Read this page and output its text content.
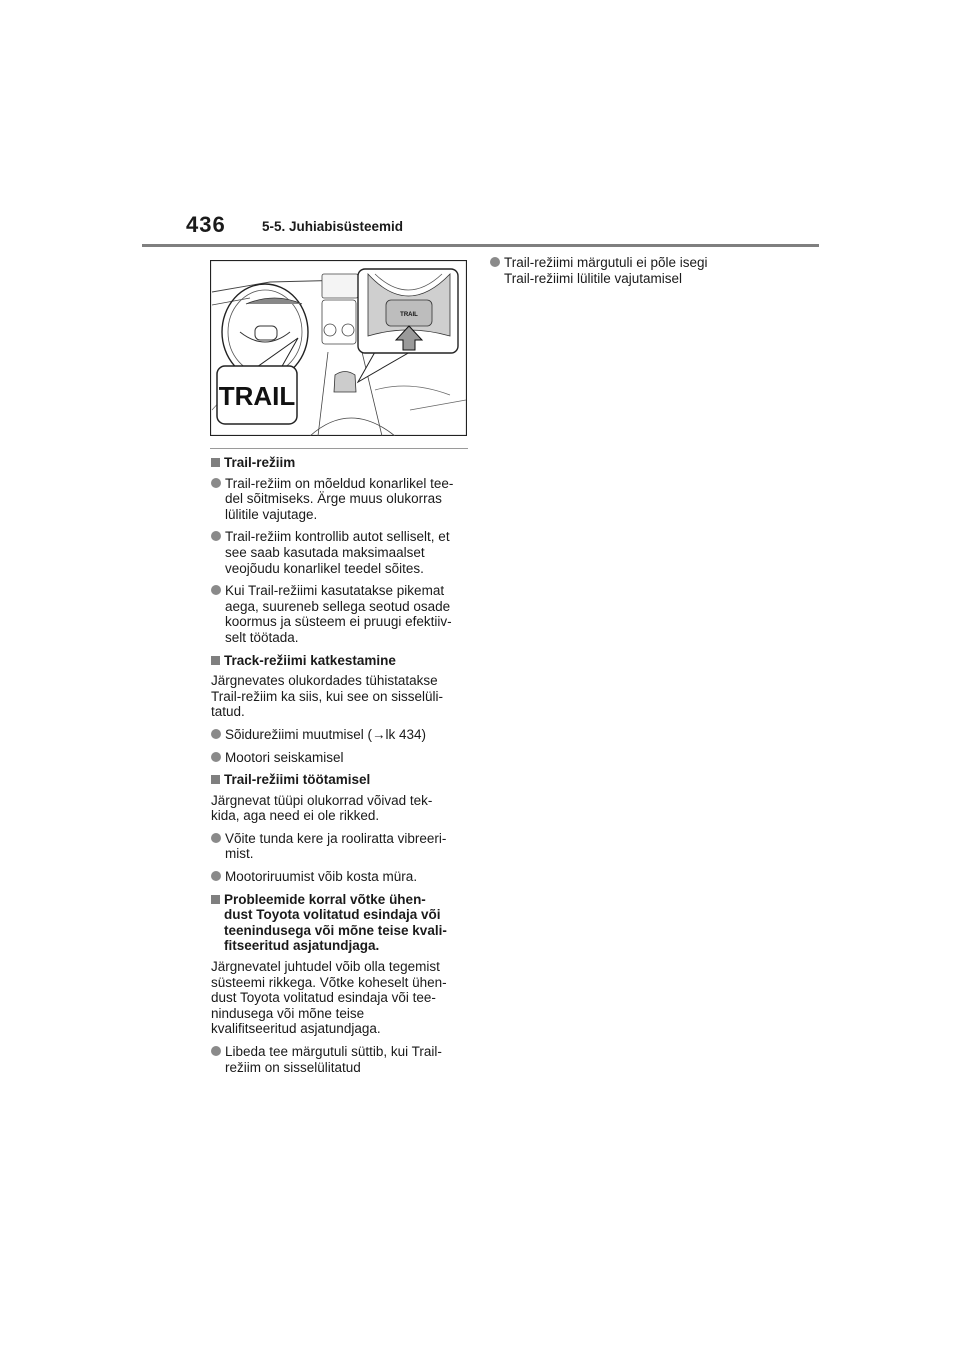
436	5-5. Juhiabisüsteemid
TRAIL
TRAIL
Trail-režiim
Trail-režiim on mõeldud konarlikel tee-
del sõitmiseks. Ärge muus olukorras
lülitile vajutage.
Trail-režiim kontrollib autot selliselt, et
see saab kasutada maksimaalset
veojõudu konarlikel teedel sõites.
Kui Trail-režiimi kasutatakse pikemat
aega, suureneb sellega seotud osade
koormus ja süsteem ei pruugi efektiiv-
selt töötada.
Track-režiimi katkestamine
Järgnevates olukordades tühistatakse
Trail-režiim ka siis, kui see on sisselüli-
tatud.
Sõidurežiimi muutmisel (→lk 434)
Mootori seiskamisel
Trail-režiimi töötamisel
Järgnevat tüüpi olukorrad võivad tek-
kida, aga need ei ole rikked.
Võite tunda kere ja rooliratta vibreeri-
mist.
Mootoriruumist võib kosta müra.
Probleemide korral võtke ühen-
dust Toyota volitatud esindaja või
teenindusega või mõne teise kvali-
fitseeritud asjatundjaga.
Järgnevatel juhtudel võib olla tegemist
süsteemi rikkega. Võtke koheselt ühen-
dust Toyota volitatud esindaja või tee-
nindusega või mõne teise
kvalifitseeritud asjatundjaga.
Libeda tee märgutuli süttib, kui Trail-
režiim on sisselülitatud
Trail-režiimi märgutuli ei põle isegi
Trail-režiimi lülitile vajutamisel
